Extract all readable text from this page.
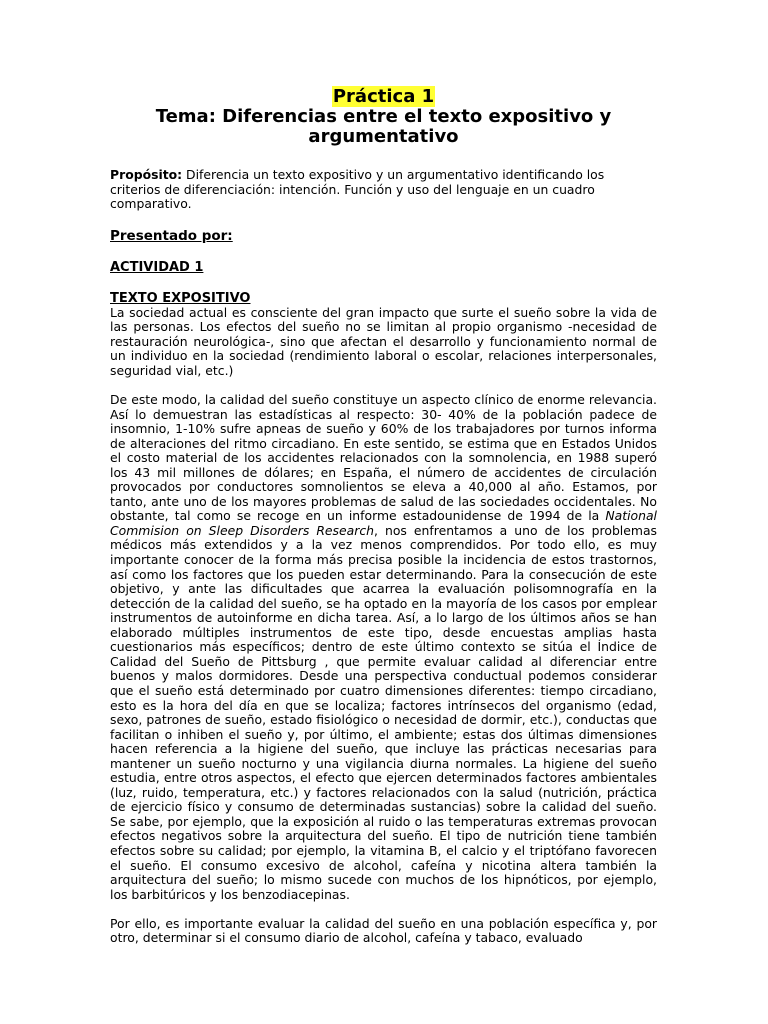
Práctica 1

Tema: Diferencias entre el texto expositivo y argumentativo

Propósito: Diferencia un texto expositivo y un argumentativo identificando los criterios de diferenciación: intención. Función y uso del lenguaje en un cuadro comparativo.

Presentado por:

ACTIVIDAD 1

TEXTO EXPOSITIVO

La sociedad actual es consciente del gran impacto que surte el sueño sobre la vida de las personas. Los efectos del sueño no se limitan al propio organismo -necesidad de restauración neurológica-, sino que afectan el desarrollo y funcionamiento normal de un individuo en la sociedad (rendimiento laboral o escolar, relaciones interpersonales, seguridad vial, etc.)

De este modo, la calidad del sueño constituye un aspecto clínico de enorme relevancia. Así lo demuestran las estadísticas al respecto: 30- 40% de la población padece de insomnio, 1-10% sufre apneas de sueño y 60% de los trabajadores por turnos informa de alteraciones del ritmo circadiano. En este sentido, se estima que en Estados Unidos el costo material de los accidentes relacionados con la somnolencia, en 1988 superó los 43 mil millones de dólares; en España, el número de accidentes de circulación provocados por conductores somnolientos se eleva a 40,000 al año. Estamos, por tanto, ante uno de los mayores problemas de salud de las sociedades occidentales. No obstante, tal como se recoge en un informe estadounidense de 1994 de la National Commision on Sleep Disorders Research, nos enfrentamos a uno de los problemas médicos más extendidos y a la vez menos comprendidos. Por todo ello, es muy importante conocer de la forma más precisa posible la incidencia de estos trastornos, así como los factores que los pueden estar determinando. Para la consecución de este objetivo, y ante las dificultades que acarrea la evaluación polisomnografía en la detección de la calidad del sueño, se ha optado en la mayoría de los casos por emplear instrumentos de autoinforme en dicha tarea. Así, a lo largo de los últimos años se han elaborado múltiples instrumentos de este tipo, desde encuestas amplias hasta cuestionarios más específicos; dentro de este último contexto se sitúa el Índice de Calidad del Sueño de Pittsburg , que permite evaluar calidad al diferenciar entre buenos y malos dormidores. Desde una perspectiva conductual podemos considerar que el sueño está determinado por cuatro dimensiones diferentes: tiempo circadiano, esto es la hora del día en que se localiza; factores intrínsecos del organismo (edad, sexo, patrones de sueño, estado fisiológico o necesidad de dormir, etc.), conductas que facilitan o inhiben el sueño y, por último, el ambiente; estas dos últimas dimensiones hacen referencia a la higiene del sueño, que incluye las prácticas necesarias para mantener un sueño nocturno y una vigilancia diurna normales. La higiene del sueño estudia, entre otros aspectos, el efecto que ejercen determinados factores ambientales (luz, ruido, temperatura, etc.) y factores relacionados con la salud (nutrición, práctica de ejercicio físico y consumo de determinadas sustancias) sobre la calidad del sueño. Se sabe, por ejemplo, que la exposición al ruido o las temperaturas extremas provocan efectos negativos sobre la arquitectura del sueño. El tipo de nutrición tiene también efectos sobre su calidad; por ejemplo, la vitamina B, el calcio y el triptófano favorecen el sueño. El consumo excesivo de alcohol, cafeína y nicotina altera también la arquitectura del sueño; lo mismo sucede con muchos de los hipnóticos, por ejemplo, los barbitúricos y los benzodiacepinas.

Por ello, es importante evaluar la calidad del sueño en una población específica y, por otro, determinar si el consumo diario de alcohol, cafeína y tabaco, evaluado
